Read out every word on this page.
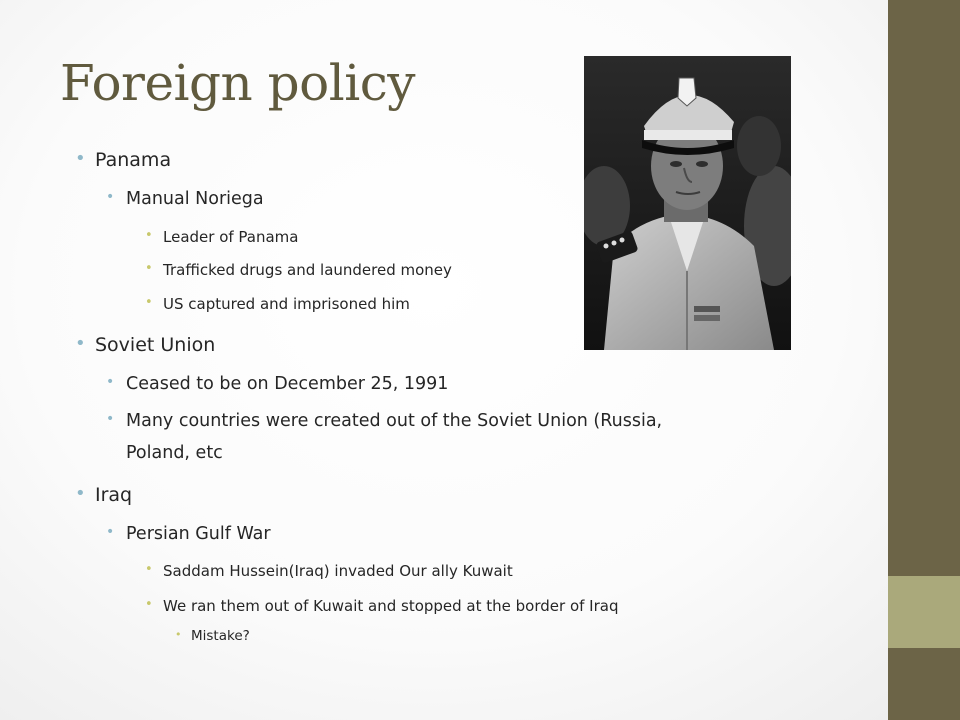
Foreign policy
• Panama
• Manual Noriega
• Leader of Panama
• Trafficked drugs and laundered money
• US captured and imprisoned him
• Soviet Union
• Ceased to be on December 25, 1991
• Many countries were created out of the Soviet Union (Russia,
Poland, etc
• Iraq
• Persian Gulf War
• Saddam Hussein(Iraq) invaded Our ally Kuwait
• We ran them out of Kuwait and stopped at the border of Iraq
• Mistake?
